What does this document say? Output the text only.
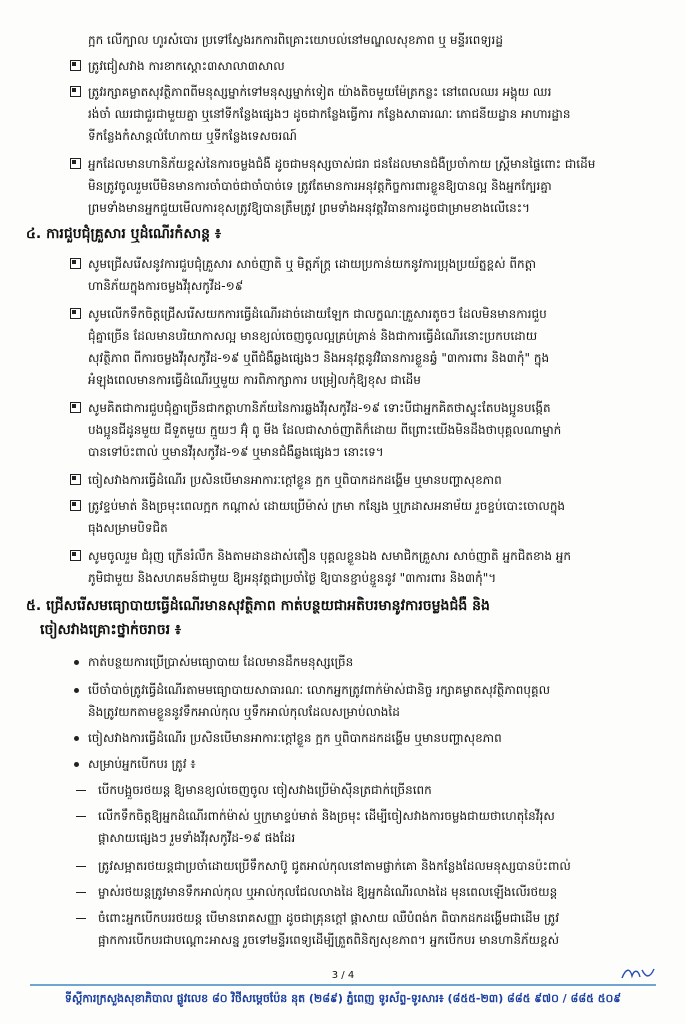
ក្អក លើក្បាល ហូរសំបោរ ប្រទៅស្វែងរកការពិគ្រោះយោបល់នៅមណ្ឌលសុខភាព ឬ មន្ទីរពេទ្យរដ្ឋ
ត្រូវជៀសវាង ការខាកស្តោះ៣សាលា៣សាល
ត្រូវរក្សាគម្លាតសុវត្ថិភាពពីមនុស្សម្នាក់ទៅមនុស្សម្នាក់ទៀត យ៉ាងតិចមួយម៉ែត្រកន្លះ នៅពេលឈរ អង្គុយ ឈរ
រង់ចាំ ឈរជាជួរជាមួយគ្នា ឬនៅទីកន្លែងផ្សេងៗ ដូចជាកន្លែងធ្វើការ កន្លែងសាធារណៈ ភោជនីយដ្ឋាន អាហារដ្ឋាន
ទីកន្លែងកំសាន្តលំហែកាយ ឬទីកន្លែងទេសចរណ៍
អ្នកដែលមានហានិភ័យខ្ពស់នៃការចម្លងជំងឺ ដូចជាមនុស្សចាស់ជរា ជនដែលមានជំងឺប្រចាំកាយ ស្ត្រីមានផ្ទៃពោះ ជាដើម
មិនត្រូវចូលរួមបើមិនមានការចាំបាច់ជាចាំបាច់ទេ ត្រូវតែមានការអនុវត្តកិច្ចការពារខ្លួនឱ្យបានល្អ និងអ្នកក្បែរគ្នា
ព្រមទាំងមានអ្នកជួយមើលការខុសត្រូវឱ្យបានត្រឹមត្រូវ ព្រមទាំងអនុវត្តវិធានការដូចជាម្រាមខាងលើនេះ។
៤. ការជួបជុំគ្រួសារ ឬដំណើរកំសាន្ត ៖
សូមជ្រើសរើសនូវការជួបជុំគ្រួសារ សាច់ញាតិ ឬ មិត្តភ័ក្ត្រ ដោយប្រកាន់យកនូវការប្រុងប្រយ័ត្នខ្ពស់ ពីកត្តា
ហានិភ័យក្នុងការចម្លងវីរុសកូវីដ-១៩
សូមលើកទឹកចិត្តជ្រើសរើសយកការធ្វើដំណើរដាច់ដោយឡែក ជាលក្ខណៈគ្រួសារតូចៗ ដែលមិនមានការជួប
ជុំគ្នាច្រើន ដែលមានបរិយាកាសល្អ មានខ្យល់ចេញចូលល្អគ្រប់គ្រាន់ និងជាការធ្វើដំណើរនោះប្រកបដោយ
សុវត្ថិភាព ពីការចម្លងវីរុសកូវីដ-១៩ ឬពីជំងឺឆ្លងផ្សេងៗ និងអនុវត្តនូវវិធានការខ្លួនឆ្វំ "៣ការពារ និង៣កុំ" ក្នុង
អំឡុងពេលមានការធ្វើដំណើរឬមួយ ការពិភាក្សាការ បម្រៀលកុំឱ្យខុស ជាដើម
សូមគិតជាការជួបជុំគ្នាច្រើនជាកត្តាហានិភ័យនៃការឆ្លងវីរុសកូវីដ-១៩ ទោះបីជាអ្នកគិតថាស្ទុះតែបងប្អូនបង្កើត
បងប្អូនជីដូនមួយ ជីទួតមួយ ក្មួយៗ អ៊ុំ ពូ មីង ដែលជាសាច់ញាតិក៏ដោយ ពីព្រោះយើងមិនដឹងថាបុគ្គលណាម្នាក់
បានទៅប៉ះពាល់ ឬមានវីរុសកូវីដ-១៩ ឬមានជំងឺឆ្លងផ្សេងៗ នោះទេ។
ចៀសវាងការធ្វើដំណើរ ប្រសិនបើមានអាការៈក្តៅខ្លួន ក្អក ឬពិបាកដកដង្ហើម ឬមានបញ្ហាសុខភាព
ត្រូវខ្ទប់មាត់ និងច្រមុះពេលក្អក កណ្តាស់ ដោយប្រើម៉ាស់ ក្រមា កន្សែង ឬក្រដាសអនាម័យ រួចខ្ចប់បោះចោលក្នុង
ធុងសម្រាមបិទជិត
សូមចូលរួម ជំរុញ ក្រើនរំលឹក និងតាមដានដាស់តឿន បុគ្គលខ្លួនឯង សមាជិកគ្រួសារ សាច់ញាតិ អ្នកជិតខាង អ្នក
ភូមិជាមួយ និងសហគមន៍ជាមួយ ឱ្យអនុវត្តជាប្រចាំថ្ងៃ ឱ្យបានខ្ជាប់ខ្ជួននូវ "៣ការពារ និង៣កុំ"។
៥. ជ្រើសរើសមធ្យោបាយធ្វើដំណើរមានសុវត្ថិភាព កាត់បន្ថយជាអតិបរមានូវការចម្លងជំងឺ និង
ចៀសវាងគ្រោះថ្នាក់ចរាចរ ៖
កាត់បន្ថយការប្រើប្រាស់មធ្យោបាយ ដែលមានដឹកមនុស្សច្រើន
បើចាំបាច់ត្រូវធ្វើដំណើរតាមមធ្យោបាយសាធារណៈ លោកអ្នកត្រូវពាក់ម៉ាស់ជានិច្ច រក្សាគម្លាតសុវត្ថិភាពបុគ្គល
និងត្រូវយកតាមខ្លួននូវទឹកអាល់កុល ឬទឹកអាល់កុលដែលសម្រាប់លាងដៃ
ចៀសវាងការធ្វើដំណើរ ប្រសិនបើមានអាការៈក្តៅខ្លួន ក្អក ឬពិបាកដកដង្ហើម ឬមានបញ្ហាសុខភាព
សម្រាប់អ្នកបើកបរ ត្រូវ ៖
បើកបង្អួចរថយន្ត ឱ្យមានខ្យល់ចេញចូល ចៀសវាងប្រើម៉ាស៊ីនត្រជាក់ច្រើនពេក
លើកទឹកចិត្តឱ្យអ្នកដំណើរពាក់ម៉ាស់ ឬក្រមាខ្ទប់មាត់ និងច្រមុះ ដើម្បីចៀសវាងការចម្លងជាយថាហេតុនៃវីរុស
ផ្តាសាយផ្សេងៗ រួមទាំងវីរុសកូវីដ-១៩ ផងដែរ
ត្រូវសម្អាតរថយន្តជាប្រចាំដោយប្រើទឹកសាប៊ូ ជូតអាល់កុលនៅតាមផ្លាក់គោ និងកន្លែងដែលមនុស្សបានប៉ះពាល់
ម្ចាស់រថយន្តត្រូវមានទឹកអាល់កុល ឬអាល់កុលជែលលាងដៃ ឱ្យអ្នកដំណើរលាងដៃ មុនពេលឡើងលើរថយន្ត
ចំពោះអ្នកបើកបររថយន្ត បើមានរោគសញ្ញា ដូចជាគ្រុនក្តៅ ផ្តាសាយ ឈឺបំពង់ក ពិបាកដកដង្ហើមជាដើម ត្រូវ
ផ្អាកការបើកបរជាបណ្តោះអាសន្ន រួចទៅមន្ទីរពេទ្យដើម្បីត្រួតពិនិត្យសុខភាព។ អ្នកបើកបរ មានហានិភ័យខ្ពស់
3 / 4
ទីស្តីការក្រសួងសុខាភិបាល ផ្លូវលេខ ៨០ វិថីសម្តេចប៉ែន នុត (២៨៩) ភ្នំពេញ ទូរស័ព្ទ-ទូរសារ៖ (៨៥៥-២៣) ៨៨៥ ៩៧០ / ៨៨៥ ៥០៩
